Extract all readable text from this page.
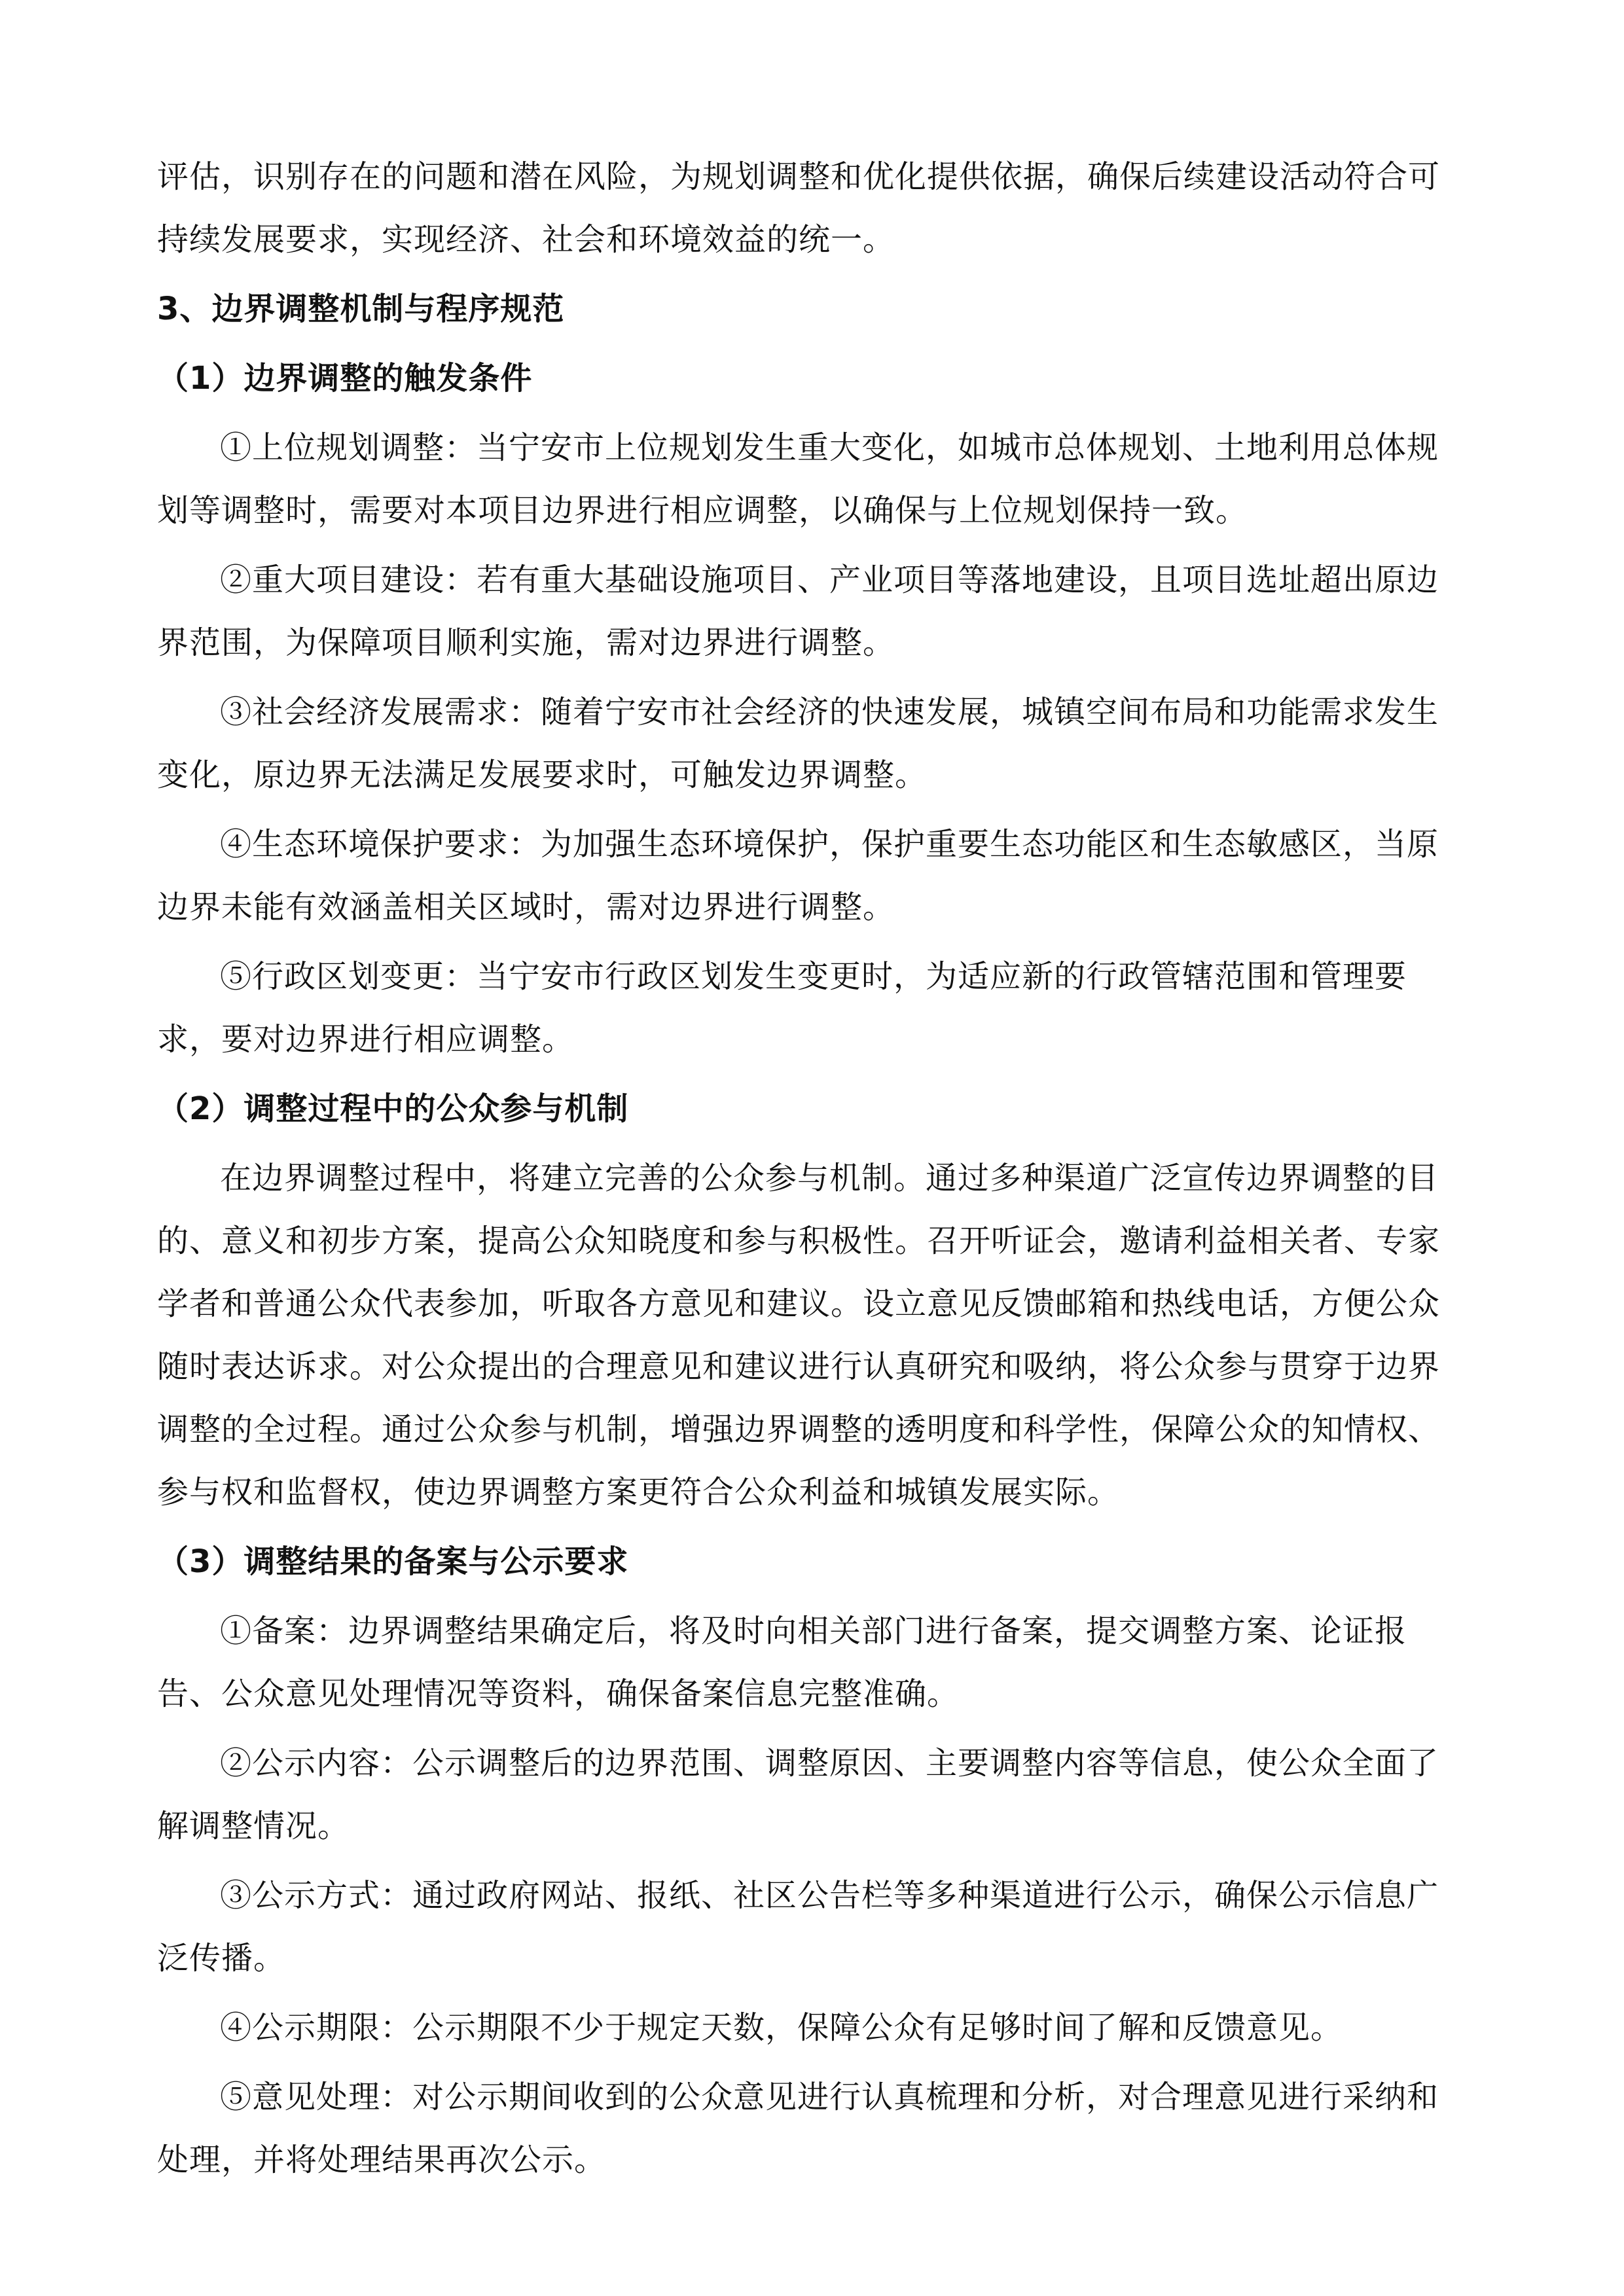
评估，识别存在的问题和潜在风险，为规划调整和优化提供依据，确保后续建设活动符合可
持续发展要求，实现经济、社会和环境效益的统一。
3、边界调整机制与程序规范
（1）边界调整的触发条件
①上位规划调整：当宁安市上位规划发生重大变化，如城市总体规划、土地利用总体规
划等调整时，需要对本项目边界进行相应调整，以确保与上位规划保持一致。
②重大项目建设：若有重大基础设施项目、产业项目等落地建设，且项目选址超出原边
界范围，为保障项目顺利实施，需对边界进行调整。
③社会经济发展需求：随着宁安市社会经济的快速发展，城镇空间布局和功能需求发生
变化，原边界无法满足发展要求时，可触发边界调整。
④生态环境保护要求：为加强生态环境保护，保护重要生态功能区和生态敏感区，当原
边界未能有效涵盖相关区域时，需对边界进行调整。
⑤行政区划变更：当宁安市行政区划发生变更时，为适应新的行政管辖范围和管理要
求，要对边界进行相应调整。
（2）调整过程中的公众参与机制
在边界调整过程中，将建立完善的公众参与机制。通过多种渠道广泛宣传边界调整的目
的、意义和初步方案，提高公众知晓度和参与积极性。召开听证会，邀请利益相关者、专家
学者和普通公众代表参加，听取各方意见和建议。设立意见反馈邮箱和热线电话，方便公众
随时表达诉求。对公众提出的合理意见和建议进行认真研究和吸纳，将公众参与贯穿于边界
调整的全过程。通过公众参与机制，增强边界调整的透明度和科学性，保障公众的知情权、
参与权和监督权，使边界调整方案更符合公众利益和城镇发展实际。
（3）调整结果的备案与公示要求
①备案：边界调整结果确定后，将及时向相关部门进行备案，提交调整方案、论证报
告、公众意见处理情况等资料，确保备案信息完整准确。
②公示内容：公示调整后的边界范围、调整原因、主要调整内容等信息，使公众全面了
解调整情况。
③公示方式：通过政府网站、报纸、社区公告栏等多种渠道进行公示，确保公示信息广
泛传播。
④公示期限：公示期限不少于规定天数，保障公众有足够时间了解和反馈意见。
⑤意见处理：对公示期间收到的公众意见进行认真梳理和分析，对合理意见进行采纳和
处理，并将处理结果再次公示。
